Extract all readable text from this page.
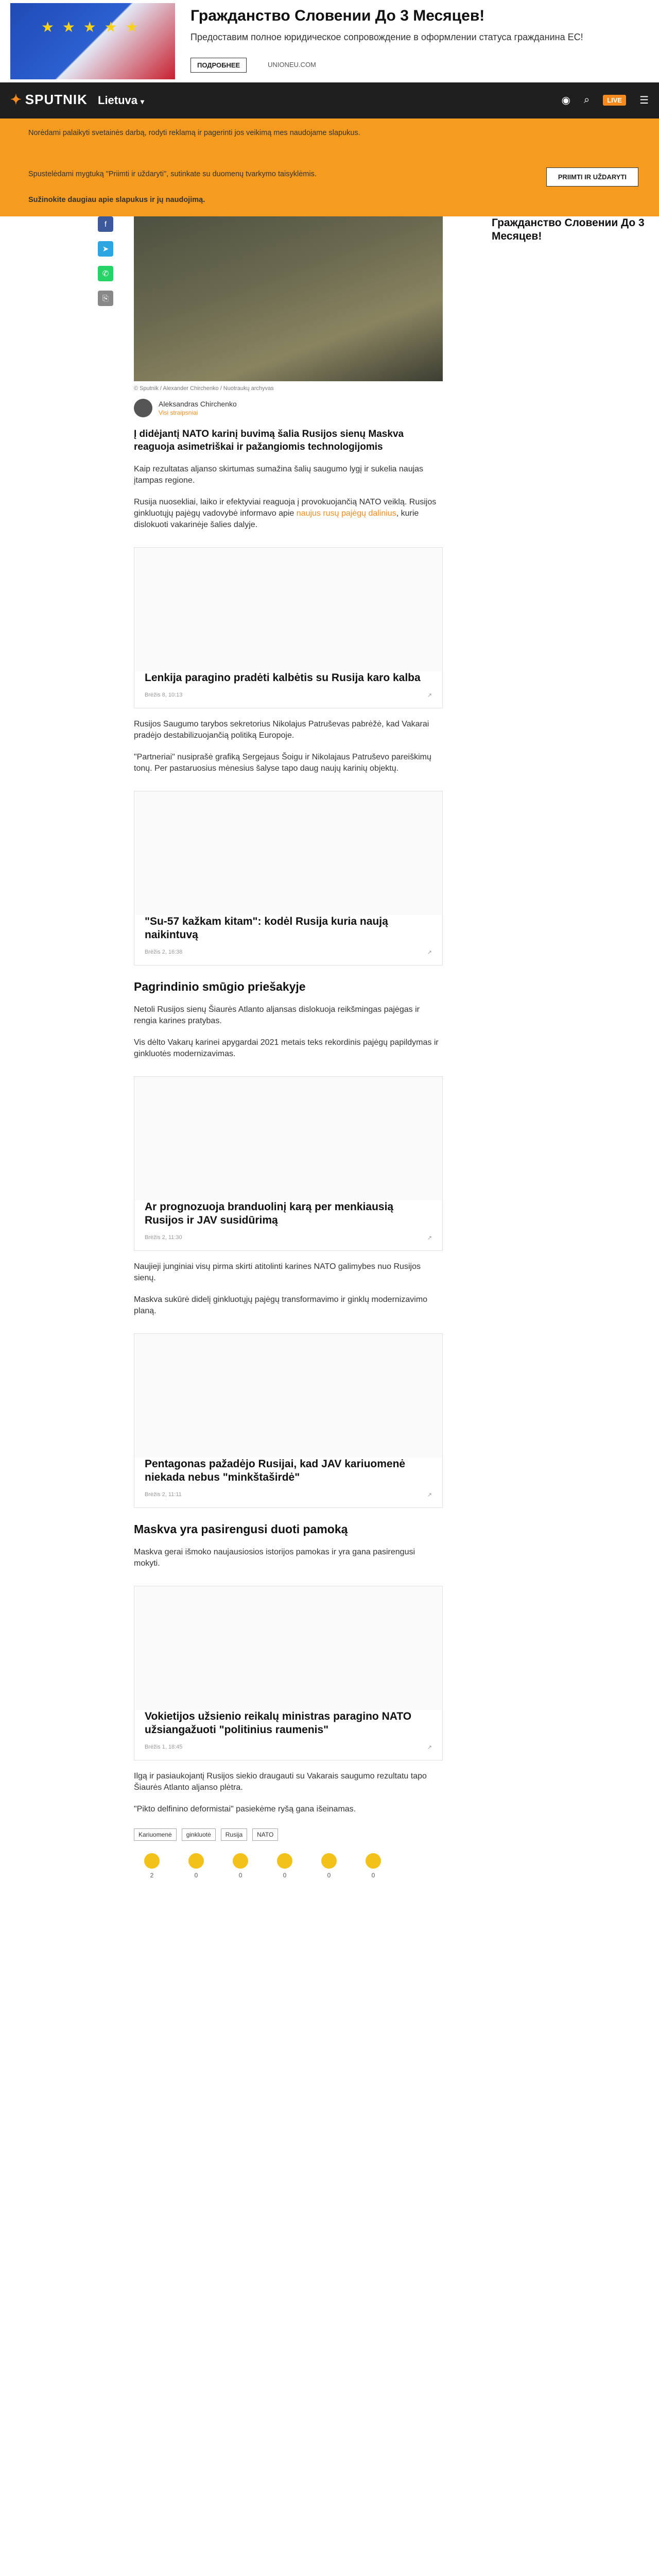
★ ★ ★ ★ ★
Гражданство Словении До 3 Месяцев!
Предоставим полное юридическое сопровождение в оформлении статуса гражданина ЕС!
ПОДРОБНЕЕ	UNIONEU.COM
✦ SPUTNIK Lietuva ▾	◉ ⌕	LIVE	☰

Norėdami palaikyti svetainės darbą, rodyti reklamą ir pagerinti jos veikimą mes naudojame slapukus.

Spustelėdami mygtuką "Priimti ir uždaryti", sutinkate su duomenų tvarkymo taisyklėmis.

Sužinokite daugiau apie slapukus ir jų naudojimą.

PRIIMTI IR UŽDARYTI
Гражданство Словении До 3 Месяцев!
f
➤
✆
⎘
© Sputnik / Alexander Chirchenko / Nuotraukų archyvas
Aleksandras Chirchenko
Visi straipsniai
Į didėjantį NATO karinį buvimą šalia Rusijos sienų Maskva reaguoja asimetriškai ir pažangiomis technologijomis
Kaip rezultatas aljanso skirtumas sumažina šalių saugumo lygį ir sukelia naujas įtampas regione.
Rusija nuosekliai, laiko ir efektyviai reaguoja į provokuojančią NATO veiklą. Rusijos ginkluotųjų pajėgų vadovybė informavo apie naujus rusų pajėgų dalinius, kurie dislokuoti vakarinėje šalies dalyje.
Lenkija paragino pradėti kalbėtis su Rusija karo kalba
Brėžis 8, 10:13	↗
Rusijos Saugumo tarybos sekretorius Nikolajus Patruševas pabrėžė, kad Vakarai pradėjo destabilizuojančią politiką Europoje.
"Partneriai" nusiprašė grafiką Sergejaus Šoigu ir Nikolajaus Patruševo pareiškimų tonų. Per pastaruosius mėnesius šalyse tapo daug naujų karinių objektų.
"Su-57 kažkam kitam": kodėl Rusija kuria naują naikintuvą
Brėžis 2, 16:38	↗
Pagrindinio smūgio priešakyje
Netoli Rusijos sienų Šiaurės Atlanto aljansas dislokuoja reikšmingas pajėgas ir rengia karines pratybas.
Vis dėlto Vakarų karinei apygardai 2021 metais teks rekordinis pajėgų papildymas ir ginkluotės modernizavimas.
Ar prognozuoja branduolinį karą per menkiausią Rusijos ir JAV susidūrimą
Brėžis 2, 11:30	↗
Naujieji junginiai visų pirma skirti atitolinti karines NATO galimybes nuo Rusijos sienų.
Maskva sukūrė didelį ginkluotųjų pajėgų transformavimo ir ginklų modernizavimo planą.
Pentagonas pažadėjo Rusijai, kad JAV kariuomenė niekada nebus "minkštaširdė"
Brėžis 2, 11:11	↗
Maskva yra pasirengusi duoti pamoką
Maskva gerai išmoko naujausiosios istorijos pamokas ir yra gana pasirengusi mokyti.
Vokietijos užsienio reikalų ministras paragino NATO užsiangažuoti "politinius raumenis"
Brėžis 1, 18:45	↗
Ilgą ir pasiaukojantį Rusijos siekio draugauti su Vakarais saugumo rezultatu tapo Šiaurės Atlanto aljanso plėtra.
"Pikto delfinino deformistai" pasiekėme ryšą gana išeinamas.
Kariuomenė	ginkluotė	Rusija	NATO
2	0	0	0	0	0
